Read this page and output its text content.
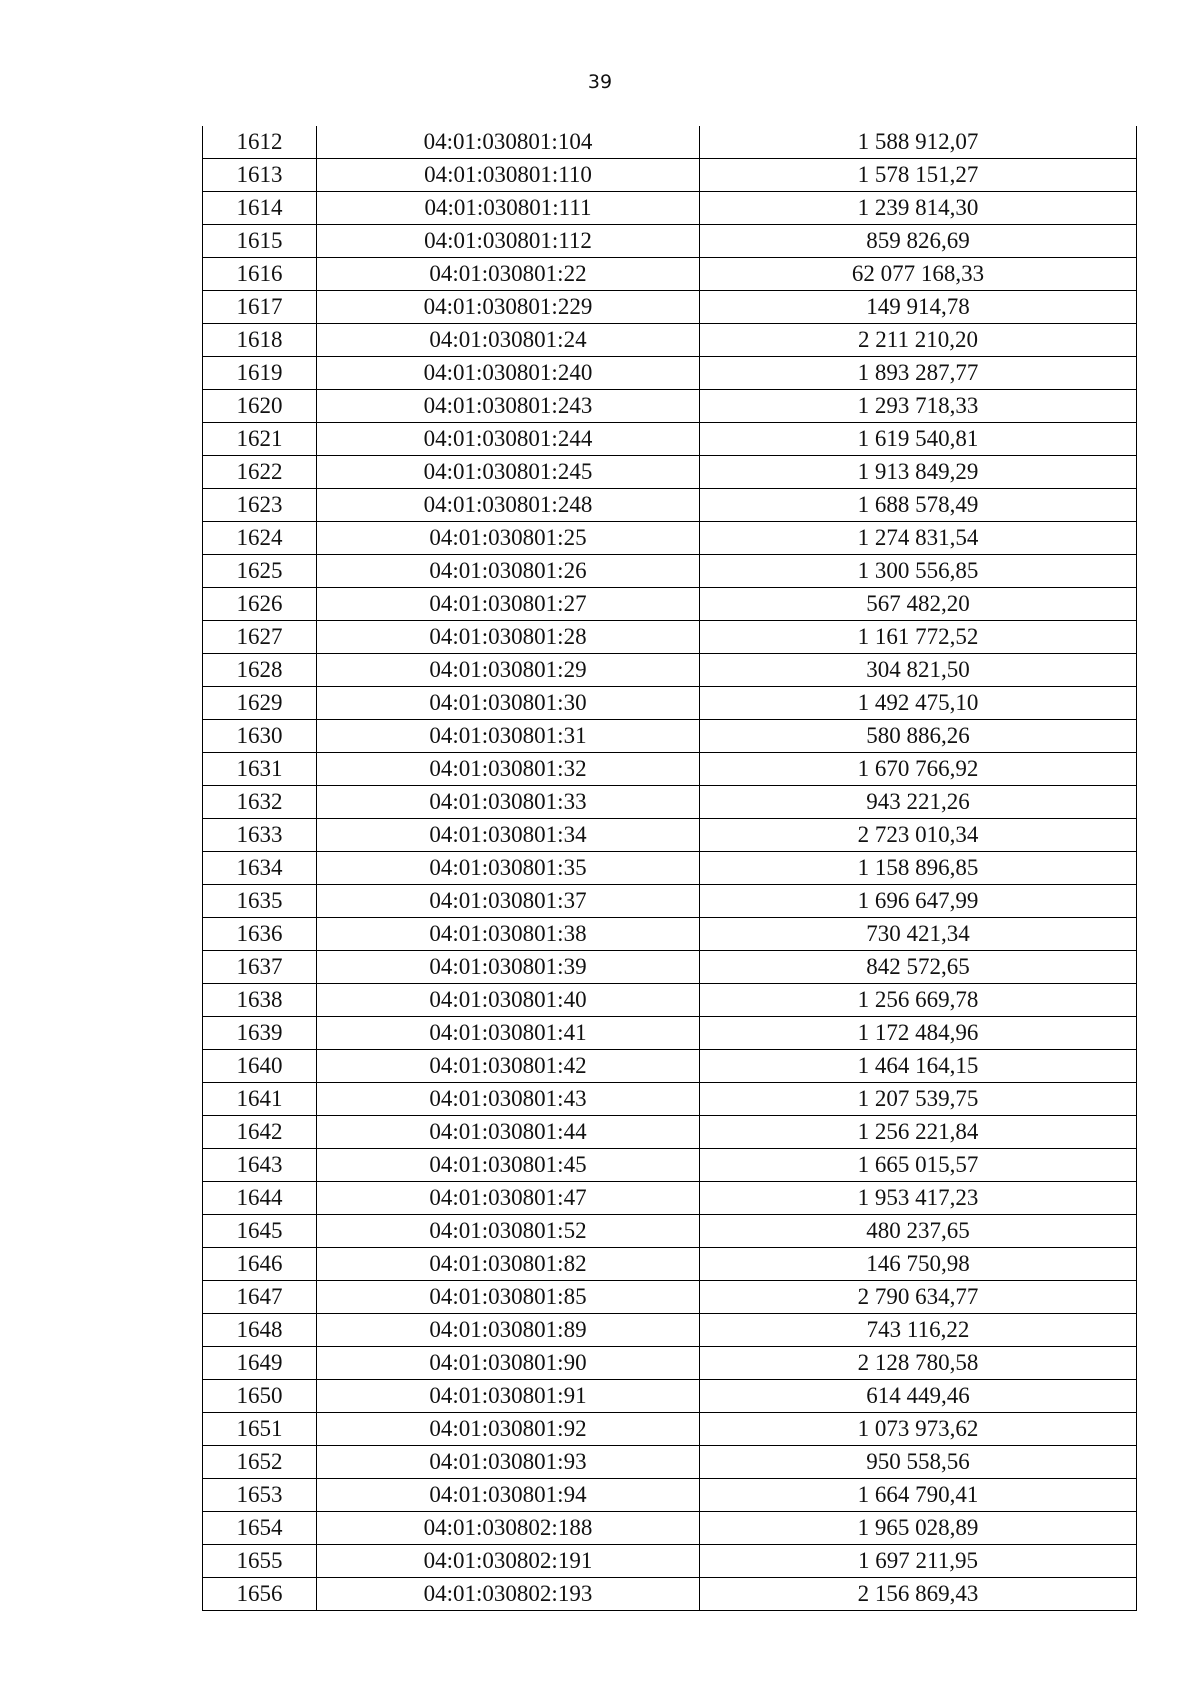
39
1612	04:01:030801:104	1 588 912,07
1613	04:01:030801:110	1 578 151,27
1614	04:01:030801:111	1 239 814,30
1615	04:01:030801:112	859 826,69
1616	04:01:030801:22	62 077 168,33
1617	04:01:030801:229	149 914,78
1618	04:01:030801:24	2 211 210,20
1619	04:01:030801:240	1 893 287,77
1620	04:01:030801:243	1 293 718,33
1621	04:01:030801:244	1 619 540,81
1622	04:01:030801:245	1 913 849,29
1623	04:01:030801:248	1 688 578,49
1624	04:01:030801:25	1 274 831,54
1625	04:01:030801:26	1 300 556,85
1626	04:01:030801:27	567 482,20
1627	04:01:030801:28	1 161 772,52
1628	04:01:030801:29	304 821,50
1629	04:01:030801:30	1 492 475,10
1630	04:01:030801:31	580 886,26
1631	04:01:030801:32	1 670 766,92
1632	04:01:030801:33	943 221,26
1633	04:01:030801:34	2 723 010,34
1634	04:01:030801:35	1 158 896,85
1635	04:01:030801:37	1 696 647,99
1636	04:01:030801:38	730 421,34
1637	04:01:030801:39	842 572,65
1638	04:01:030801:40	1 256 669,78
1639	04:01:030801:41	1 172 484,96
1640	04:01:030801:42	1 464 164,15
1641	04:01:030801:43	1 207 539,75
1642	04:01:030801:44	1 256 221,84
1643	04:01:030801:45	1 665 015,57
1644	04:01:030801:47	1 953 417,23
1645	04:01:030801:52	480 237,65
1646	04:01:030801:82	146 750,98
1647	04:01:030801:85	2 790 634,77
1648	04:01:030801:89	743 116,22
1649	04:01:030801:90	2 128 780,58
1650	04:01:030801:91	614 449,46
1651	04:01:030801:92	1 073 973,62
1652	04:01:030801:93	950 558,56
1653	04:01:030801:94	1 664 790,41
1654	04:01:030802:188	1 965 028,89
1655	04:01:030802:191	1 697 211,95
1656	04:01:030802:193	2 156 869,43
